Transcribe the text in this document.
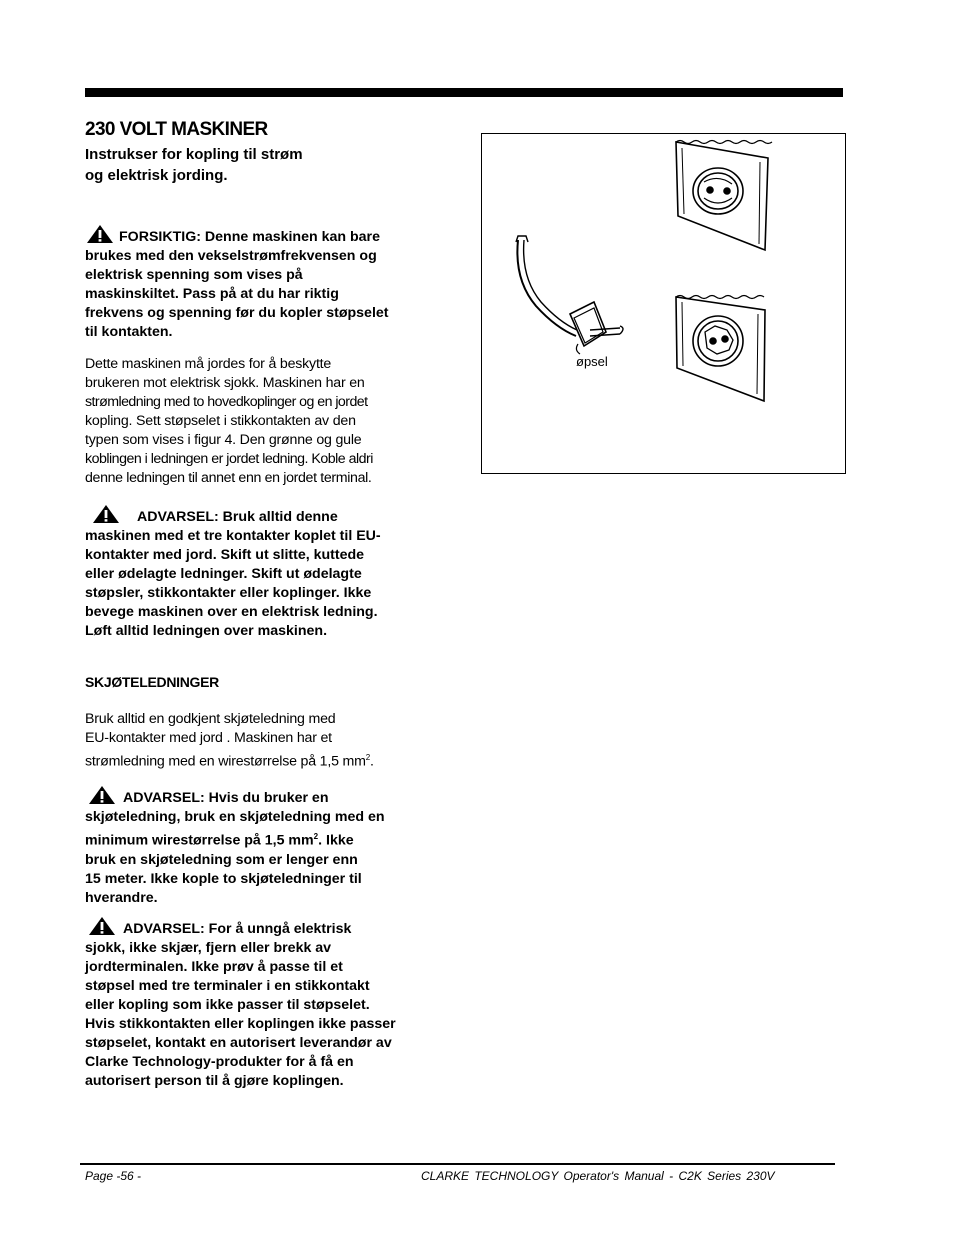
230 VOLT MASKINER
Instrukser for kopling til strøm
og elektrisk jording.
FORSIKTIG: Denne maskinen kan bare
brukes med den vekselstrømfrekvensen og
elektrisk spenning som vises på
maskinskiltet. Pass på at du har riktig
frekvens og spenning før du kopler støpselet
til kontakten.
Dette maskinen må jordes for å beskytte
brukeren mot elektrisk sjokk. Maskinen har en
strømledning med to hovedkoplinger og en jordet
kopling. Sett støpselet i stikkontakten av den
typen som vises i figur 4. Den grønne og gule
koblingen i ledningen er jordet ledning. Koble aldri
denne ledningen til annet enn en jordet terminal.
ADVARSEL: Bruk alltid denne
maskinen med et tre kontakter koplet til EU-
kontakter med jord. Skift ut slitte, kuttede
eller ødelagte ledninger. Skift ut ødelagte
støpsler, stikkontakter eller koplinger. Ikke
bevege maskinen over en elektrisk ledning.
Løft alltid ledningen over maskinen.
SKJØTELEDNINGER
Bruk alltid en godkjent skjøteledning med
EU-kontakter med jord . Maskinen har et
strømledning med en wirestørrelse på 1,5 $mm^2$.
ADVARSEL: Hvis du bruker en
skjøteledning, bruk en skjøteledning med en
minimum wirestørrelse på 1,5 $mm^2$. Ikke
bruk en skjøteledning som er lenger enn
15 meter. Ikke kople to skjøteledninger til
hverandre.
ADVARSEL: For å unngå elektrisk
sjokk, ikke skjær, fjern eller brekk av
jordterminalen. Ikke prøv å passe til et
støpsel med tre terminaler i en stikkontakt
eller kopling som ikke passer til støpselet.
Hvis stikkontakten eller koplingen ikke passer
støpselet, kontakt en autorisert leverandør av
Clarke Technology-produkter for å få en
autorisert person til å gjøre koplingen.
øpsel
Page -56 -	CLARKE TECHNOLOGY Operator's Manual - C2K Series 230V
